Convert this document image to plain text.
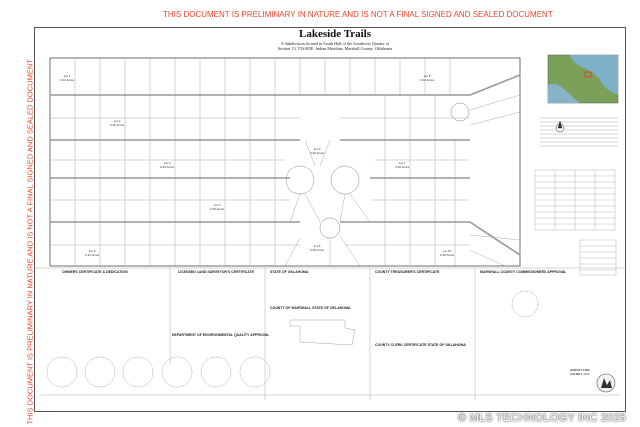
THIS DOCUMENT IS PRELIMINARY IN NATURE AND IS NOT A FINAL SIGNED AND SEALED DOCUMENT
THIS DOCUMENT IS PRELIMINARY IN NATURE AND IS NOT A FINAL SIGNED AND SEALED DOCUMENT
Lakeside Trails
A Subdivision located in South Half of the Southwest Quarter of
Section 13, T5S-R5E, Indian Meridian, Marshall County, Oklahoma
Lot 1
0.30 Acres
Lot 2
0.30 Acres
Lot 3
0.30 Acres
Lot 4
0.30 Acres
Lot 5
0.30 Acres
Lot 6
0.30 Acres
Lot 7
0.30 Acres
Lot 8
0.30 Acres
Lot 9
0.30 Acres
Lot 10
0.30 Acres
OWNERS CERTIFICATE & DEDICATION	LICENSED LAND SURVEYOR'S CERTIFICATE	STATE OF OKLAHOMA
COUNTY OF MARSHALL STATE OF OKLAHOMA
COUNTY TREASURER'S CERTIFICATE	MARSHALL COUNTY COMMISSIONERS APPROVAL
DEPARTMENT OF ENVIRONMENTAL QUALITY APPROVAL
COUNTY CLERK CERTIFICATE STATE OF OKLAHOMA
SURVEY FOR:
CALBEY, LLC
© MLS TECHNOLOGY INC 2025
